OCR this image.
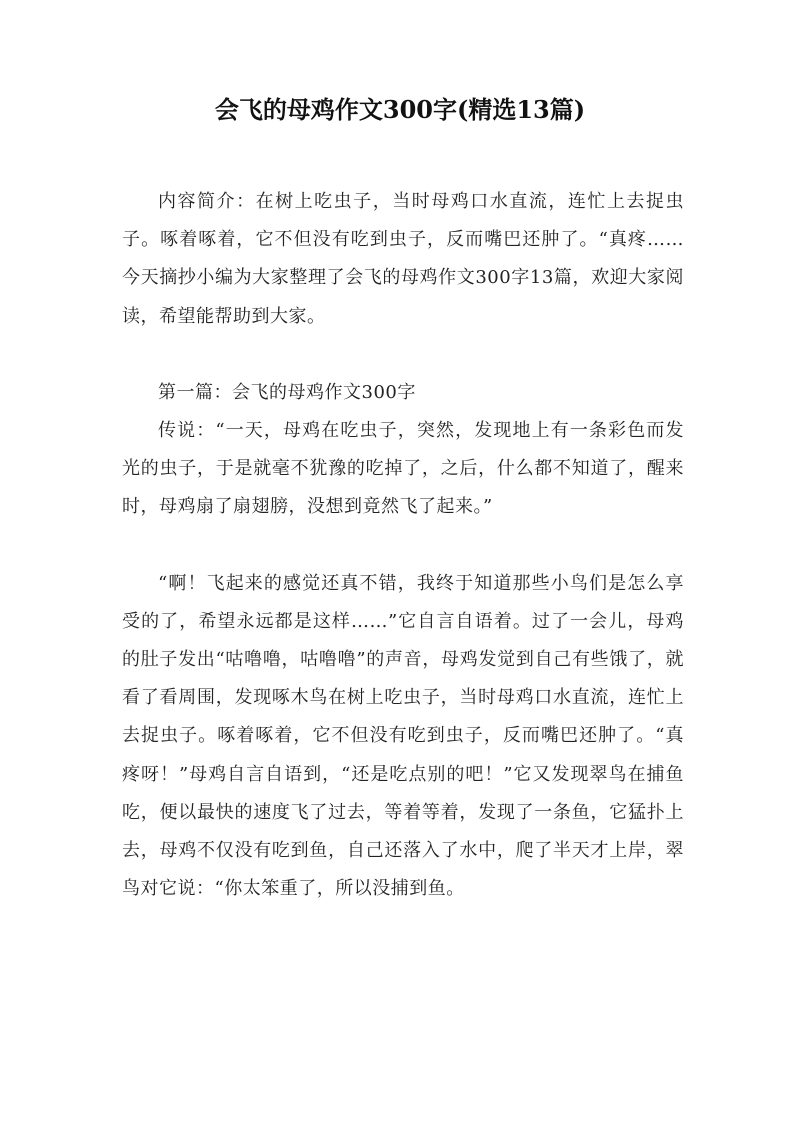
会飞的母鸡作文300字(精选13篇)

内容简介：在树上吃虫子，当时母鸡口水直流，连忙上去捉虫子。啄着啄着，它不但没有吃到虫子，反而嘴巴还肿了。“真疼……今天摘抄小编为大家整理了会飞的母鸡作文300字13篇，欢迎大家阅读，希望能帮助到大家。

第一篇：会飞的母鸡作文300字

传说：“一天，母鸡在吃虫子，突然，发现地上有一条彩色而发光的虫子，于是就毫不犹豫的吃掉了，之后，什么都不知道了，醒来时，母鸡扇了扇翅膀，没想到竟然飞了起来。”

“啊！飞起来的感觉还真不错，我终于知道那些小鸟们是怎么享受的了，希望永远都是这样……”它自言自语着。过了一会儿，母鸡的肚子发出“咕噜噜，咕噜噜”的声音，母鸡发觉到自己有些饿了，就看了看周围，发现啄木鸟在树上吃虫子，当时母鸡口水直流，连忙上去捉虫子。啄着啄着，它不但没有吃到虫子，反而嘴巴还肿了。“真疼呀！”母鸡自言自语到，“还是吃点别的吧！”它又发现翠鸟在捕鱼吃，便以最快的速度飞了过去，等着等着，发现了一条鱼，它猛扑上去，母鸡不仅没有吃到鱼，自己还落入了水中，爬了半天才上岸，翠鸟对它说：“你太笨重了，所以没捕到鱼。
